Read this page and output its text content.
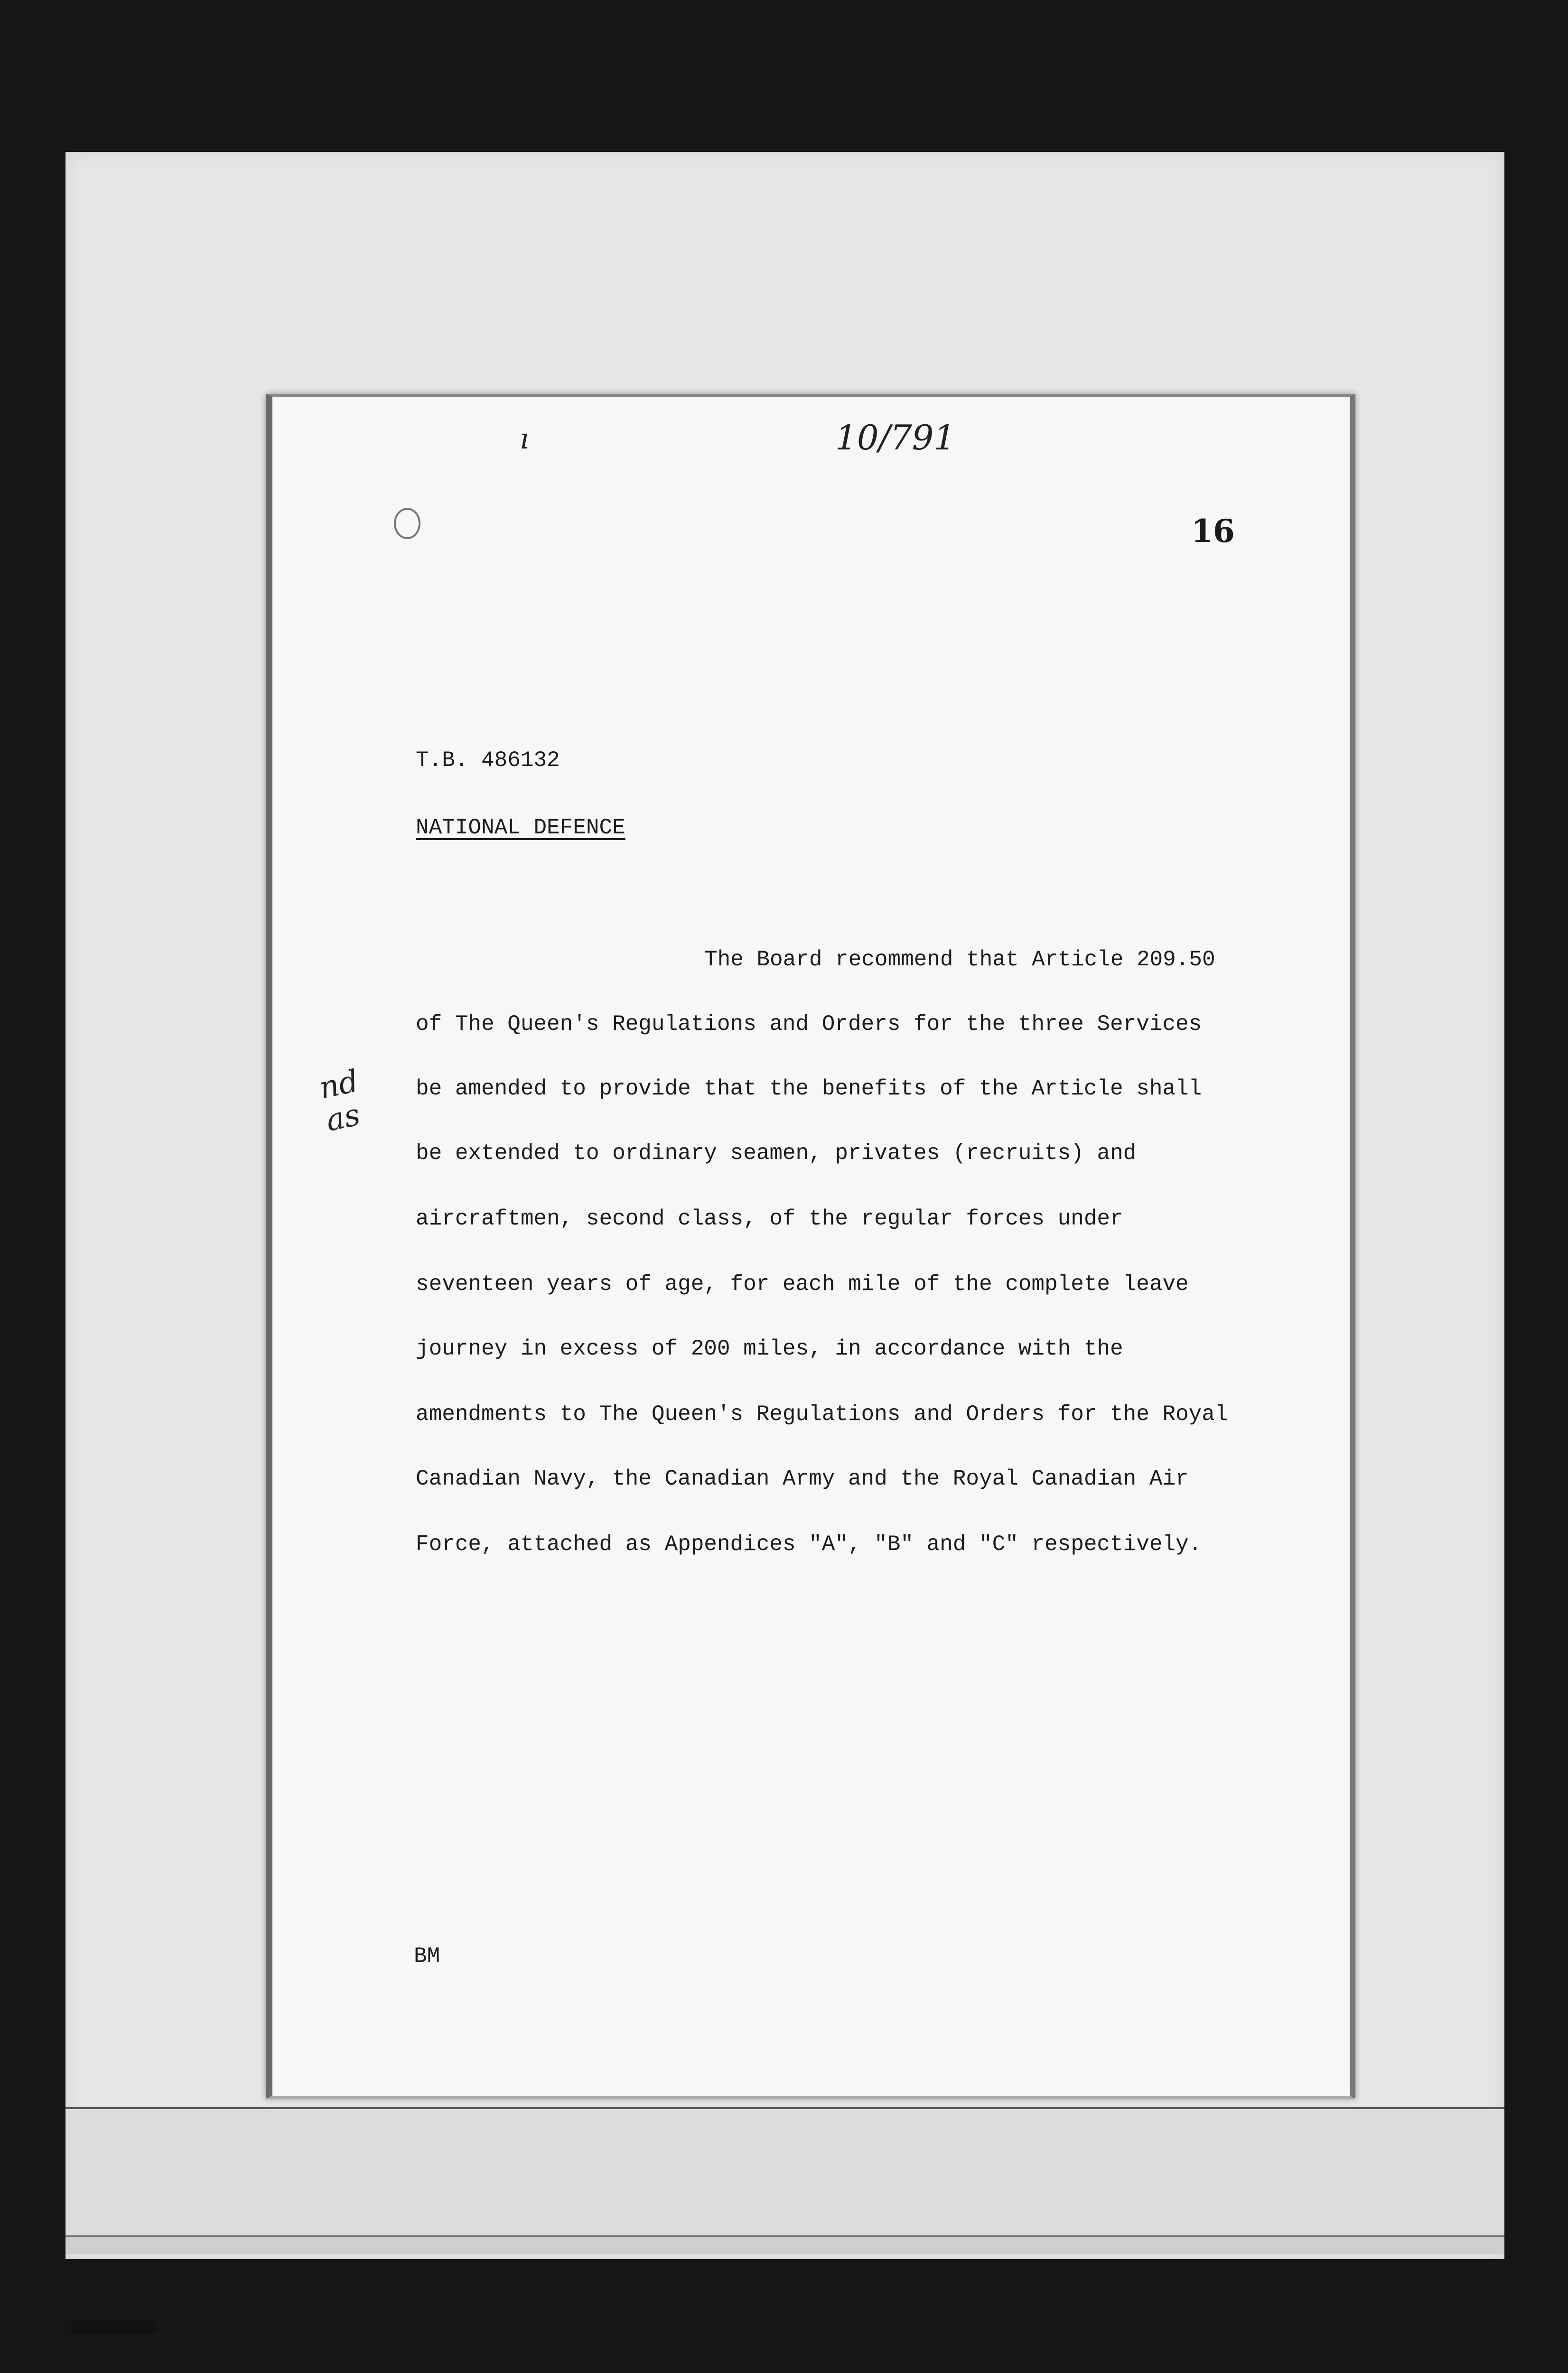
ı	10/791
16
nd
as
T.B. 486132
NATIONAL DEFENCE
The Board recommend that Article 209.50
of The Queen's Regulations and Orders for the three Services
be amended to provide that the benefits of the Article shall
be extended to ordinary seamen, privates (recruits) and
aircraftmen, second class, of the regular forces under
seventeen years of age, for each mile of the complete leave
journey in excess of 200 miles, in accordance with the
amendments to The Queen's Regulations and Orders for the Royal
Canadian Navy, the Canadian Army and the Royal Canadian Air
Force, attached as Appendices "A", "B" and "C" respectively.
BM
